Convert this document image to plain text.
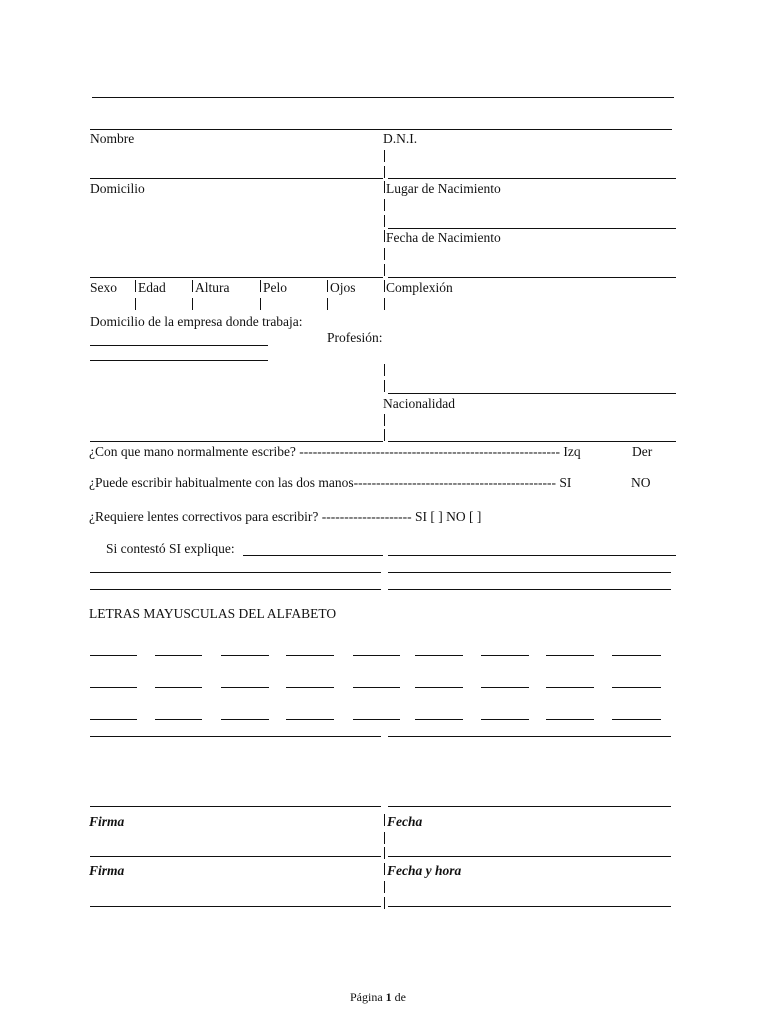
Nombre	D.N.I.
Domicilio	Lugar de Nacimiento
Fecha de Nacimiento
Sexo Edad Altura Pelo	Ojos Complexión
Domicilio de la empresa donde trabaja:
Profesión:
Nacionalidad
¿Con que mano normalmente escribe? ---------------------------------------------------------- Izq	Der
¿Puede escribir habitualmente con las dos manos--------------------------------------------- SI	NO
¿Requiere lentes correctivos para escribir? -------------------- SI [ ] NO [ ]
Si contestó SI explique:
LETRAS MAYUSCULAS DEL ALFABETO
Firma	Fecha
Firma	Fecha y hora
Página 1 de
